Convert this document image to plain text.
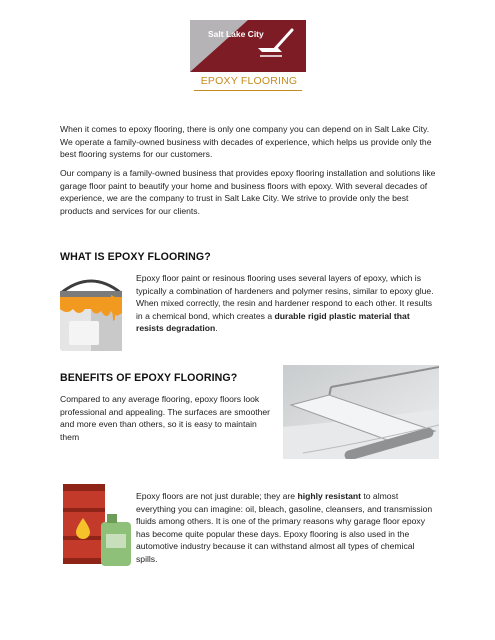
Salt Lake City
EPOXY FLOORING

When it comes to epoxy flooring, there is only one company you can depend on in Salt Lake City. We operate a family-owned business with decades of experience, which helps us provide only the best flooring systems for our customers.

Our company is a family-owned business that provides epoxy flooring installation and solutions like garage floor paint to beautify your home and business floors with epoxy. With several decades of experience, we are the company to trust in Salt Lake City. We strive to provide only the best products and services for our clients.

WHAT IS EPOXY FLOORING?

Epoxy floor paint or resinous flooring uses several layers of epoxy, which is typically a combination of hardeners and polymer resins, similar to epoxy glue. When mixed correctly, the resin and hardener respond to each other. It results in a chemical bond, which creates a durable rigid plastic material that resists degradation.

BENEFITS OF EPOXY FLOORING?

Compared to any average flooring, epoxy floors look professional and appealing. The surfaces are smoother and more even than others, so it is easy to maintain them

Epoxy floors are not just durable; they are highly resistant to almost everything you can imagine: oil, bleach, gasoline, cleansers, and transmission fluids among others. It is one of the primary reasons why garage floor epoxy has become quite popular these days. Epoxy flooring is also used in the automotive industry because it can withstand almost all types of chemical spills.
